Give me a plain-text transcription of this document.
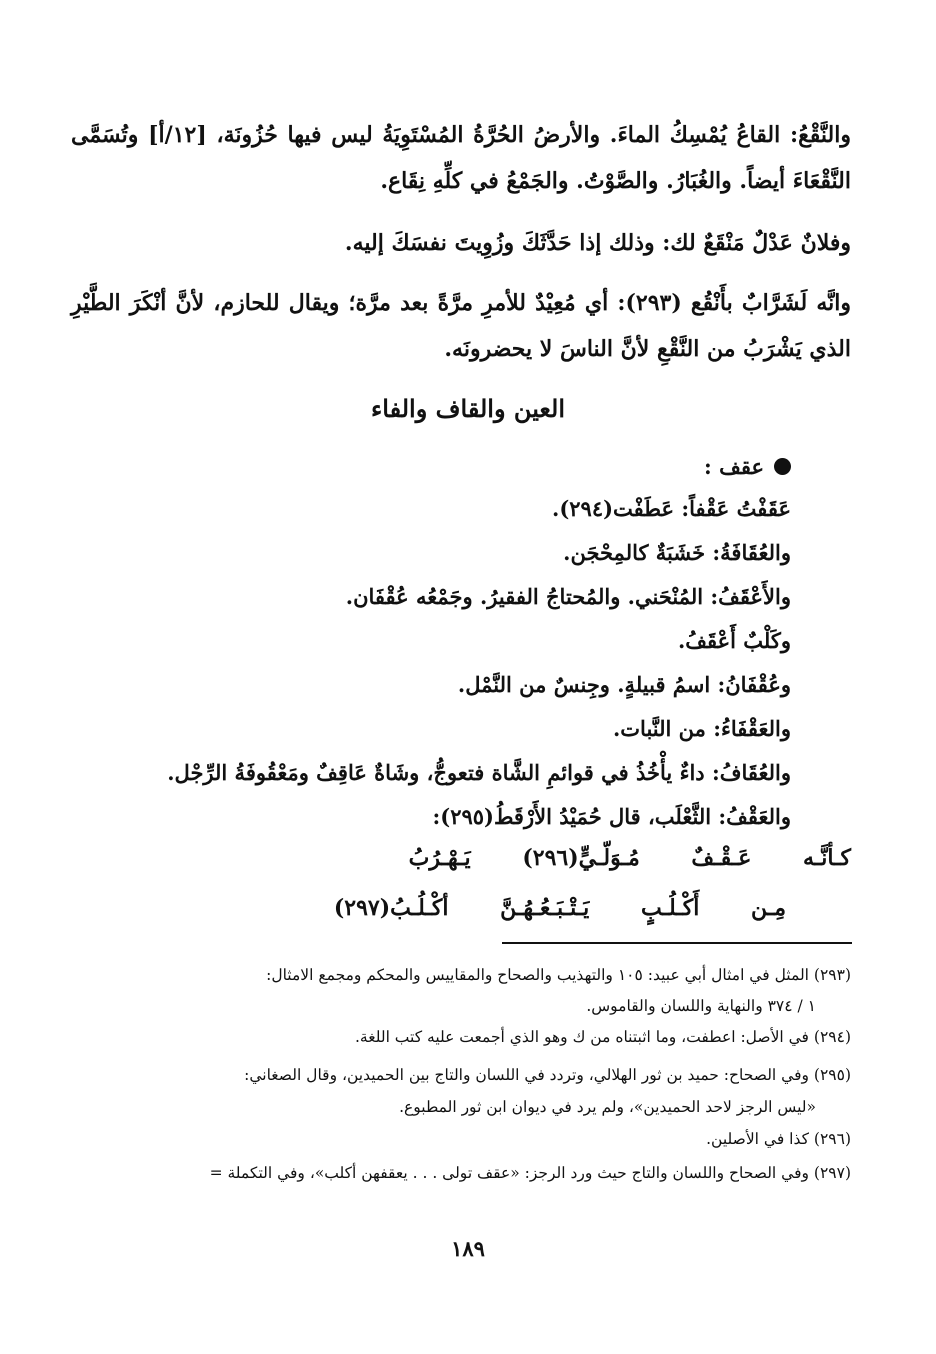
والنَّقْعُ: القاعُ يُمْسِكُ الماءَ. والأرضُ الحُرَّةُ المُسْتَوِيَةُ ليس فيها حُزُونَة، [١٢/أ] وتُسَمَّى النَّقْعَاءَ أيضاً. والغُبَارُ. والصَّوْتُ. والجَمْعُ في كلِّهِ نِقَاع.
وفلانٌ عَدْلٌ مَنْقَعٌ لك: وذلك إذا حَدَّثَكَ وزُوِيتَ نفسَكَ إليه.
وانَّه لَشَرَّابٌ بأَنْقُع (٢٩٣): أي مُعِيْدٌ للأمرِ مرَّةً بعد مرَّة؛ ويقال للحازم، لأنَّ أنْكَرَ الطَّيْرِ الذي يَشْرَبُ من النَّقْعِ لأنَّ الناسَ لا يحضرونَه.
العين والقاف والفاء
عقف :
عَقَفْتُ عَقْفاً: عَطَفْت(٢٩٤).
والعُقَافَةُ: خَشَبَةٌ كالمِحْجَن.
والأَعْقَفُ: المُنْحَني. والمُحتاجُ الفقيرُ. وجَمْعُه عُقْفَان.
وكَلْبٌ أَعْقَفُ.
وعُقْفَانُ: اسمُ قبيلةٍ. وجِنسٌ من النَّمْل.
والعَقْفَاءُ: من النَّبات.
والعُقَافُ: داءٌ يأْخُذُ في قوائمِ الشَّاة فتعوجُّ، وشَاةٌ عَاقِفٌ ومَعْقُوفَةُ الرِّجْل.
والعَقْفُ: الثَّعْلَب، قال حُمَيْدُ الأَرْقَطُ(٢٩٥):
كـأنَّـه عَـقْـفٌ مُـوَلّـيٍّ(٢٩٦) يَـهْـرُبُ
مِـن أَكْـلُـبٍ يَـتْـبَـعُـهُـنَّ أكْـلُـبُ(٢٩٧)
(٢٩٣) المثل في امثال أبي عبيد: ١٠٥ والتهذيب والصحاح والمقاييس والمحكم ومجمع الامثال:
١ / ٣٧٤ والنهاية واللسان والقاموس.
(٢٩٤) في الأصل: اعطفت، وما اثبتناه من ك وهو الذي أجمعت عليه كتب اللغة.
(٢٩٥) وفي الصحاح: حميد بن ثور الهلالي، وتردد في اللسان والتاج بين الحميدين، وقال الصغاني:
«ليس الرجز لاحد الحميدين»، ولم يرد في ديوان ابن ثور المطبوع.
(٢٩٦) كذا في الأصلين.
(٢٩٧) وفي الصحاح واللسان والتاج حيث ورد الرجز: «عقف تولى . . . يعقفهن أكلب»، وفي التكملة =
١٨٩
